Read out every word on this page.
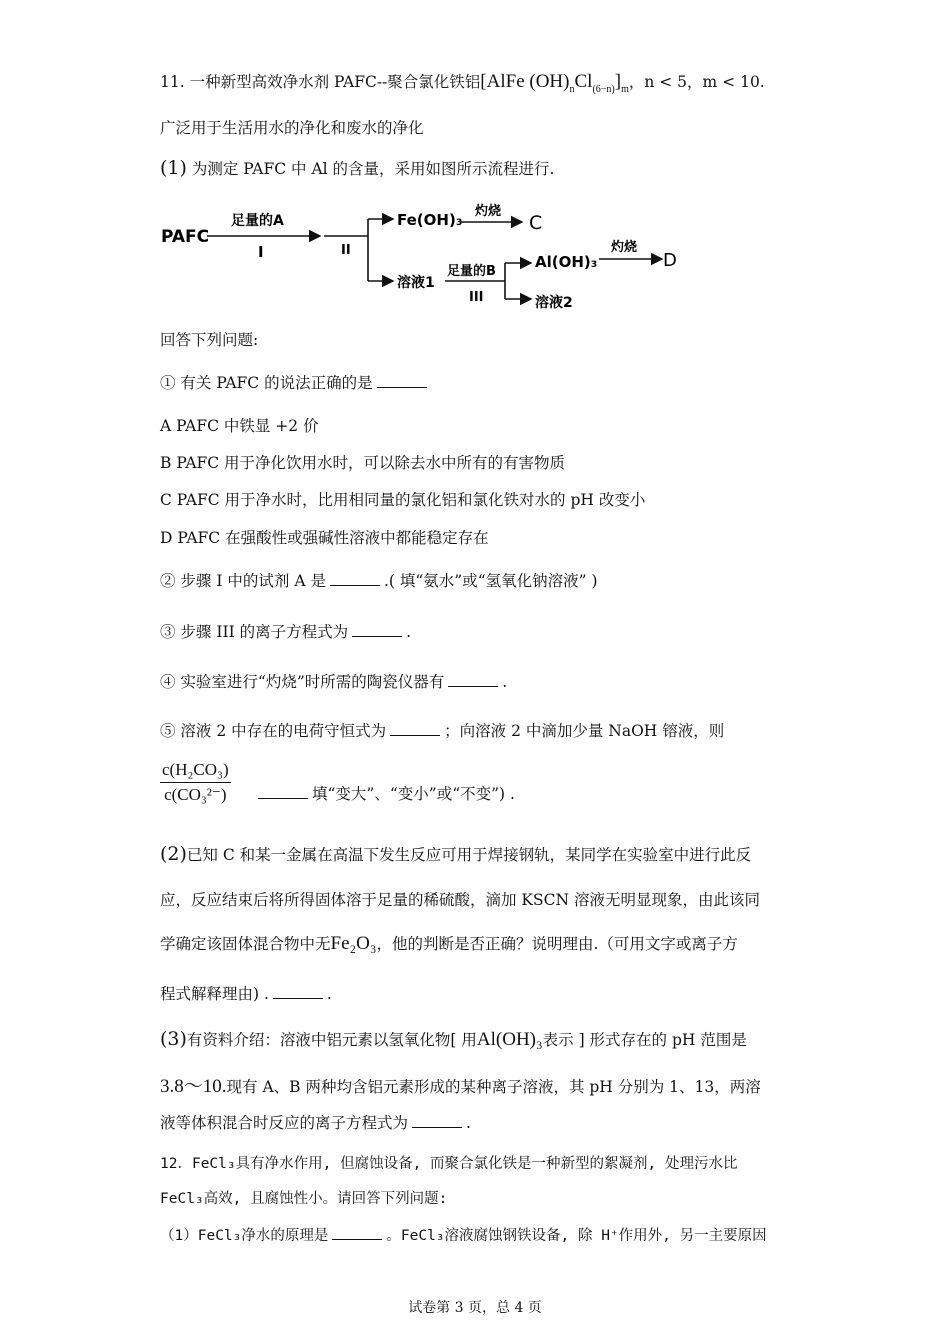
11. 一种新型高效净水剂 PAFC--聚合氯化铁铝[AlFe $(OH)_nCl_{(6-n)}]_m$，n < 5，m < 10.
广泛用于生活用水的净化和废水的净化
(1) 为测定 PAFC 中 Al 的含量，采用如图所示流程进行.
PAFC
足量的A
I	II
Fe(OH)₃ 灼烧
C
溶液1
足量的B
III
Al(OH)₃
灼烧
D
溶液2
回答下列问题:
① 有关 PAFC 的说法正确的是
A PAFC 中铁显 +2 价
B PAFC 用于净化饮用水时，可以除去水中所有的有害物质
C PAFC 用于净水时，比用相同量的氯化铝和氯化铁对水的 pH 改变小
D PAFC 在强酸性或强碱性溶液中都能稳定存在
② 步骤 I 中的试剂 A 是	.( 填“氨水”或“氢氧化钠溶液” )
③ 步骤 III 的离子方程式为	.
④ 实验室进行“灼烧”时所需的陶瓷仪器有	.
⑤ 溶液 2 中存在的电荷守恒式为	；向溶液 2 中滴加少量 NaOH 镕液，则
$\frac{\text{c(H₂CO₃)}}{\text{c(CO₃²⁻)}}$	填“变大”、“变小”或“不变”) .
(2)已知 C 和某一金属在高温下发生反应可用于焊接钢轨，某同学在实验室中进行此反
应，反应结束后将所得固体溶于足量的稀硫酸，滴加 KSCN 溶液无明显现象，由此该同
学确定该固体混合物中无Fe₂O₃，他的判断是否正确？说明理由.（可用文字或离子方
程式解释理由) .	.
(3)有资料介绍：溶液中铝元素以氢氧化物[ 用Al(OH)₃表示 ] 形式存在的 pH 范围是
3.8～10.现有 A、B 两种均含铝元素形成的某种离子溶液，其 pH 分别为 1、13，两溶
液等体积混合时反应的离子方程式为	.
12．FeCl₃具有净水作用, 但腐蚀设备, 而聚合氯化铁是一种新型的絮凝剂, 处理污水比
FeCl₃高效, 且腐蚀性小。请回答下列问题:
（1）FeCl₃净水的原理是	。FeCl₃溶液腐蚀钢铁设备, 除 H⁺作用外, 另一主要原因
试卷第 3 页，总 4 页
